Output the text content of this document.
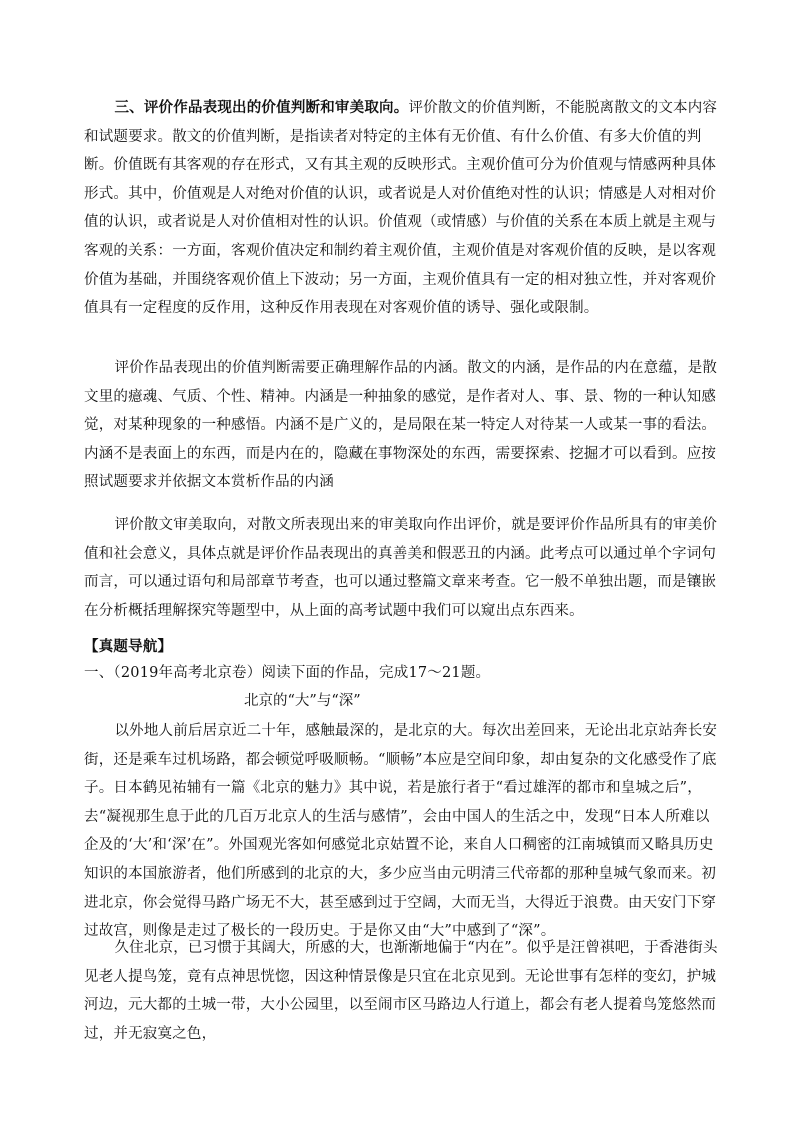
三、评价作品表现出的价值判断和审美取向。评价散文的价值判断，不能脱离散文的文本内容和试题要求。散文的价值判断，是指读者对特定的主体有无价值、有什么价值、有多大价值的判断。价值既有其客观的存在形式，又有其主观的反映形式。主观价值可分为价值观与情感两种具体形式。其中，价值观是人对绝对价值的认识，或者说是人对价值绝对性的认识；情感是人对相对价值的认识，或者说是人对价值相对性的认识。价值观（或情感）与价值的关系在本质上就是主观与客观的关系：一方面，客观价值决定和制约着主观价值，主观价值是对客观价值的反映，是以客观价值为基础，并围绕客观价值上下波动；另一方面，主观价值具有一定的相对独立性，并对客观价值具有一定程度的反作用，这种反作用表现在对客观价值的诱导、强化或限制。
评价作品表现出的价值判断需要正确理解作品的内涵。散文的内涵，是作品的内在意蕴，是散文里的癔魂、气质、个性、精神。内涵是一种抽象的感觉，是作者对人、事、景、物的一种认知感觉，对某种现象的一种感悟。内涵不是广义的，是局限在某一特定人对待某一人或某一事的看法。内涵不是表面上的东西，而是内在的，隐藏在事物深处的东西，需要探索、挖掘才可以看到。应按照试题要求并依据文本赏析作品的内涵
评价散文审美取向，对散文所表现出来的审美取向作出评价，就是要评价作品所具有的审美价值和社会意义，具体点就是评价作品表现出的真善美和假恶丑的内涵。此考点可以通过单个字词句而言，可以通过语句和局部章节考查，也可以通过整篇文章来考查。它一般不单独出题，而是镶嵌在分析概括理解探究等题型中，从上面的高考试题中我们可以窥出点东西来。
【真题导航】
一、（2019年高考北京卷）阅读下面的作品，完成17～21题。
北京的“大”与“深”
以外地人前后居京近二十年，感触最深的，是北京的大。每次出差回来，无论出北京站奔长安街，还是乘车过机场路，都会顿觉呼吸顺畅。“顺畅”本应是空间印象，却由复杂的文化感受作了底子。日本鹤见祐辅有一篇《北京的魅力》其中说，若是旅行者于“看过雄浑的都市和皇城之后”，去“凝视那生息于此的几百万北京人的生活与感情”，会由中国人的生活之中，发现“日本人所难以企及的‘大’和‘深’在”。外国观光客如何感觉北京姑置不论，来自人口稠密的江南城镇而又略具历史知识的本国旅游者，他们所感到的北京的大，多少应当由元明清三代帝都的那种皇城气象而来。初进北京，你会觉得马路广场无不大，甚至感到过于空阔，大而无当，大得近于浪费。由天安门下穿过故宫，则像是走过了极长的一段历史。于是你又由“大”中感到了“深”。
久住北京，已习惯于其阔大，所感的大，也渐渐地偏于“内在”。似乎是汪曾祺吧，于香港街头见老人提鸟笼，竟有点神思恍惚，因这种情景像是只宜在北京见到。无论世事有怎样的变幻，护城河边，元大都的土城一带，大小公园里，以至闹市区马路边人行道上，都会有老人提着鸟笼悠然而过，并无寂寞之色，
